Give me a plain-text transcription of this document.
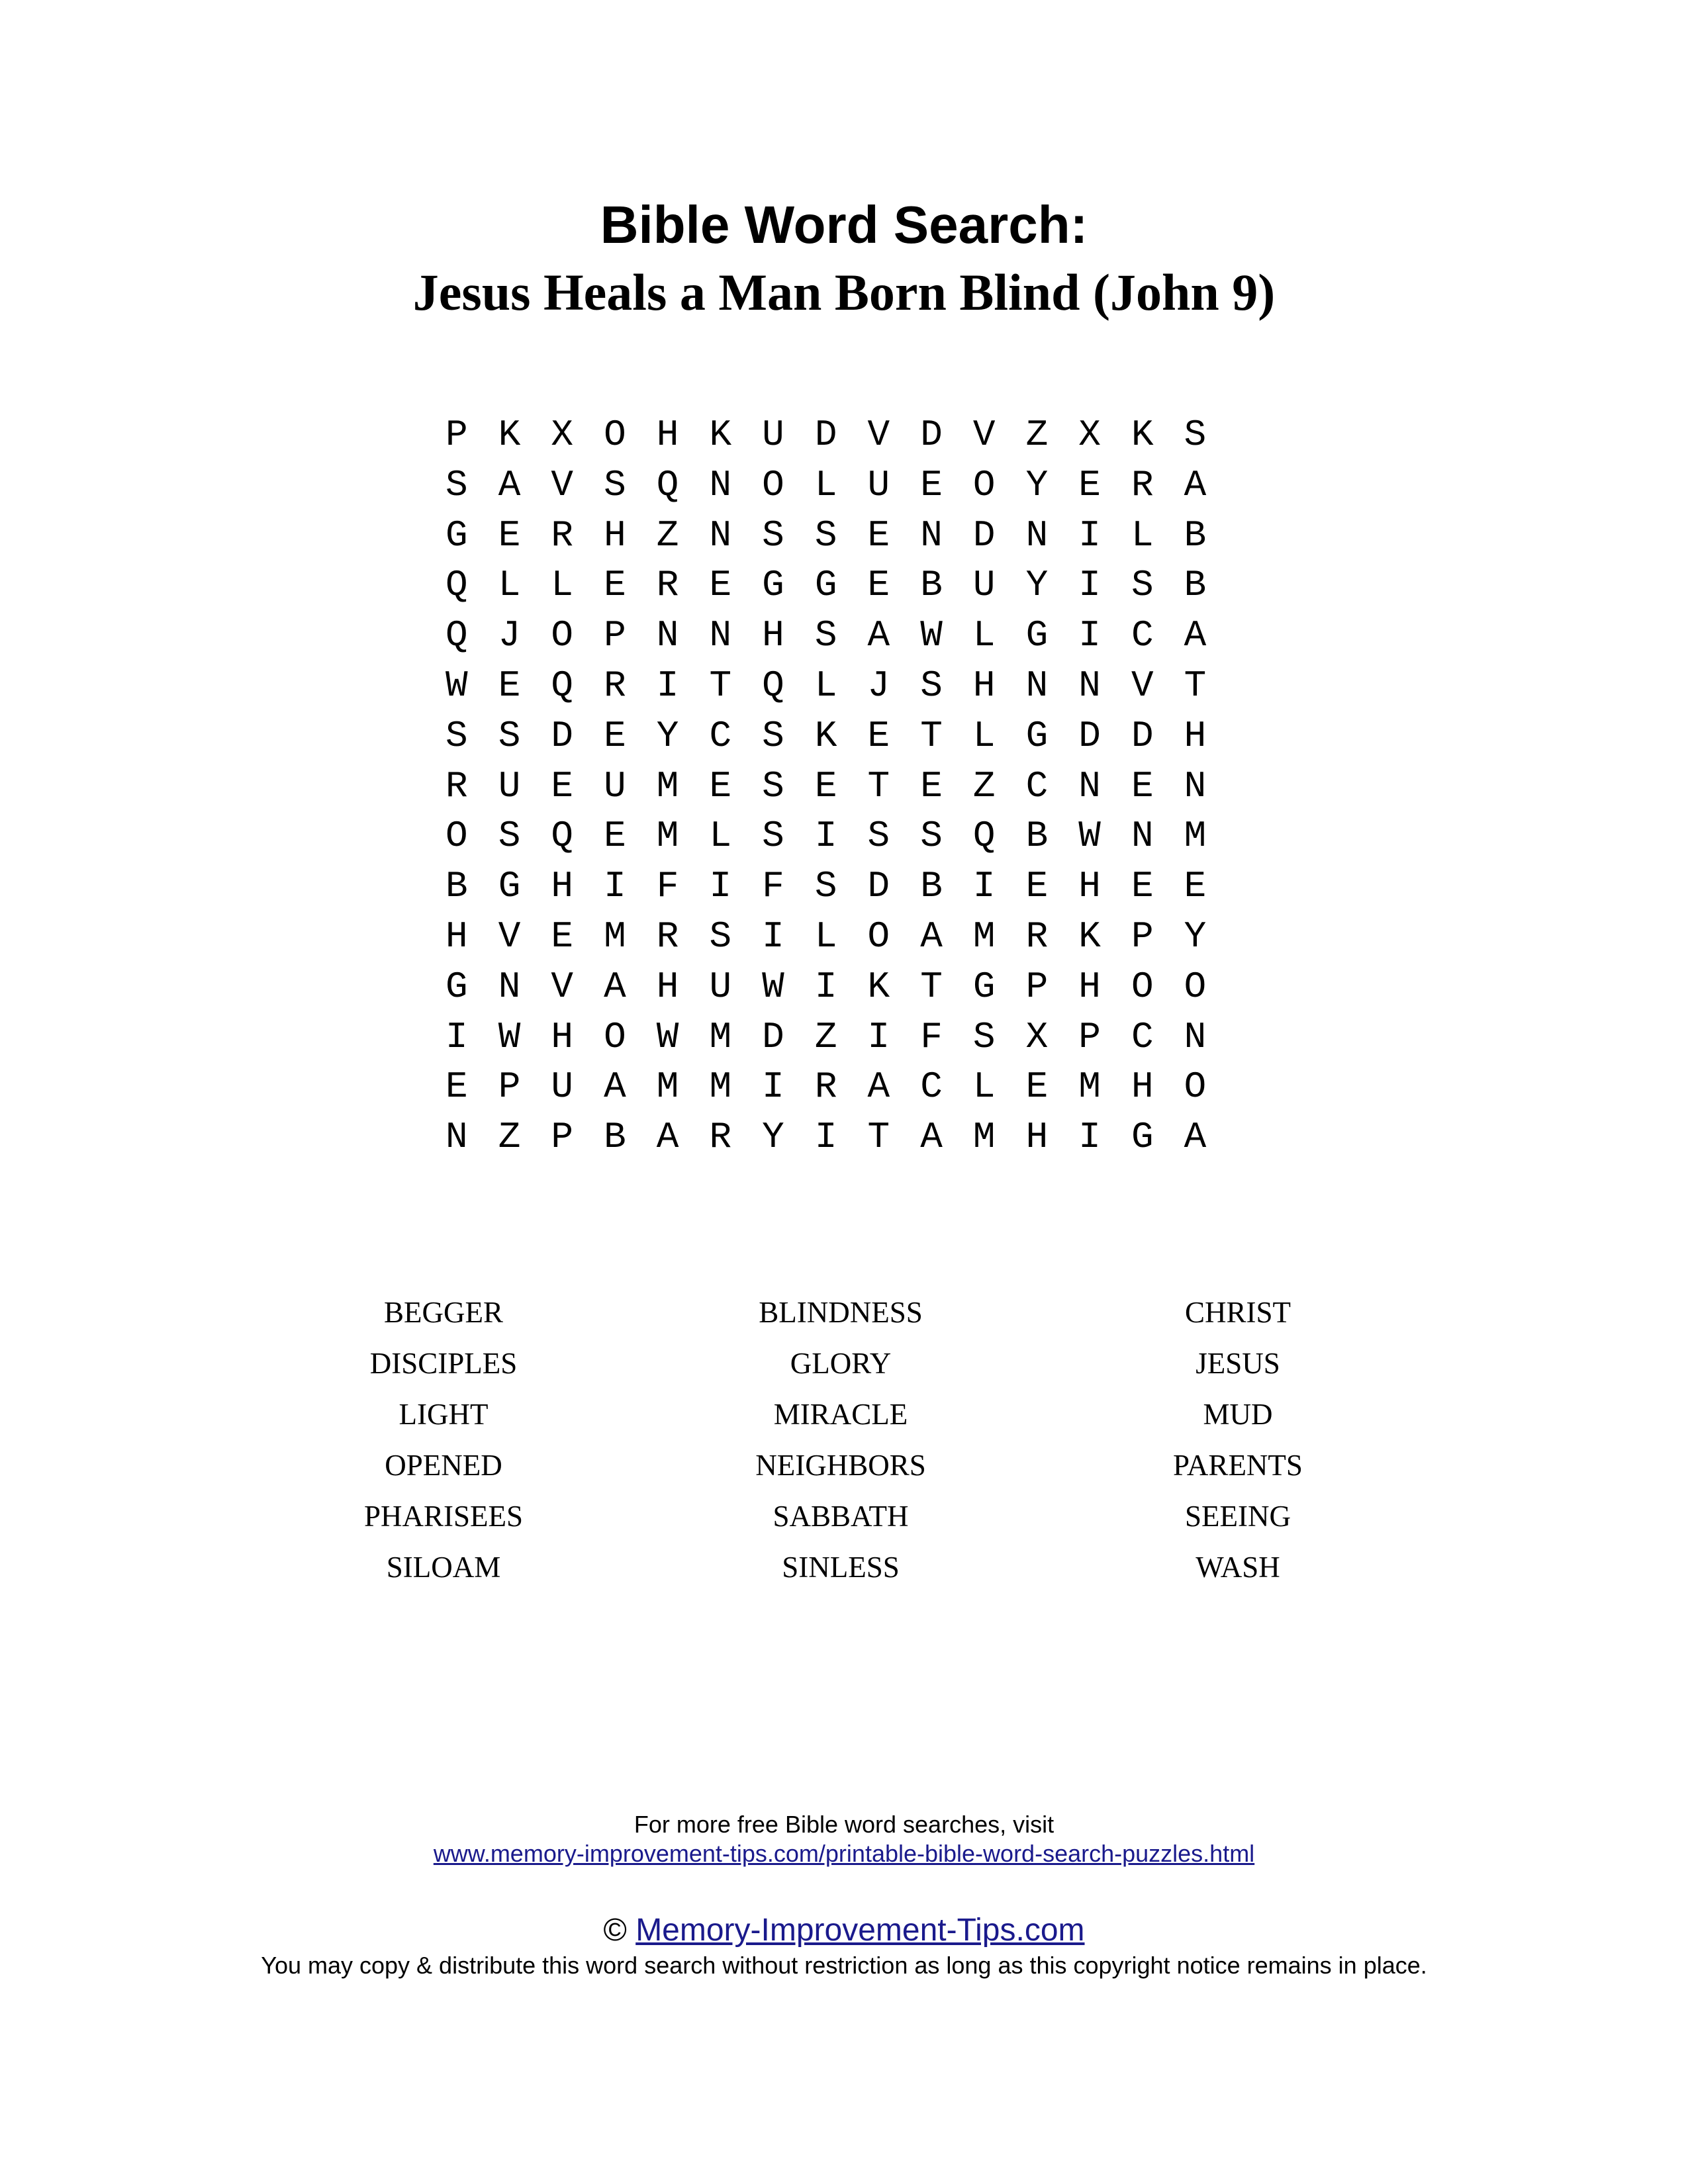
Bible Word Search:
Jesus Heals a Man Born Blind (John 9)
P K X O H K U D V D V Z X K S
S A V S Q N O L U E O Y E R A
G E R H Z N S S E N D N I L B
Q L L E R E G G E B U Y I S B
Q J O P N N H S A W L G I C A
W E Q R I T Q L J S H N N V T
S S D E Y C S K E T L G D D H
R U E U M E S E T E Z C N E N
O S Q E M L S I S S Q B W N M
B G H I F I F S D B I E H E E
H V E M R S I L O A M R K P Y
G N V A H U W I K T G P H O O
I W H O W M D Z I F S X P C N
E P U A M M I R A C L E M H O
N Z P B A R Y I T A M H I G A
BEGGER
DISCIPLES
LIGHT
OPENED
PHARISEES
SILOAM
BLINDNESS
GLORY
MIRACLE
NEIGHBORS
SABBATH
SINLESS
CHRIST
JESUS
MUD
PARENTS
SEEING
WASH
For more free Bible word searches, visit
www.memory-improvement-tips.com/printable-bible-word-search-puzzles.html
© Memory-Improvement-Tips.com
You may copy & distribute this word search without restriction as long as this copyright notice remains in place.
